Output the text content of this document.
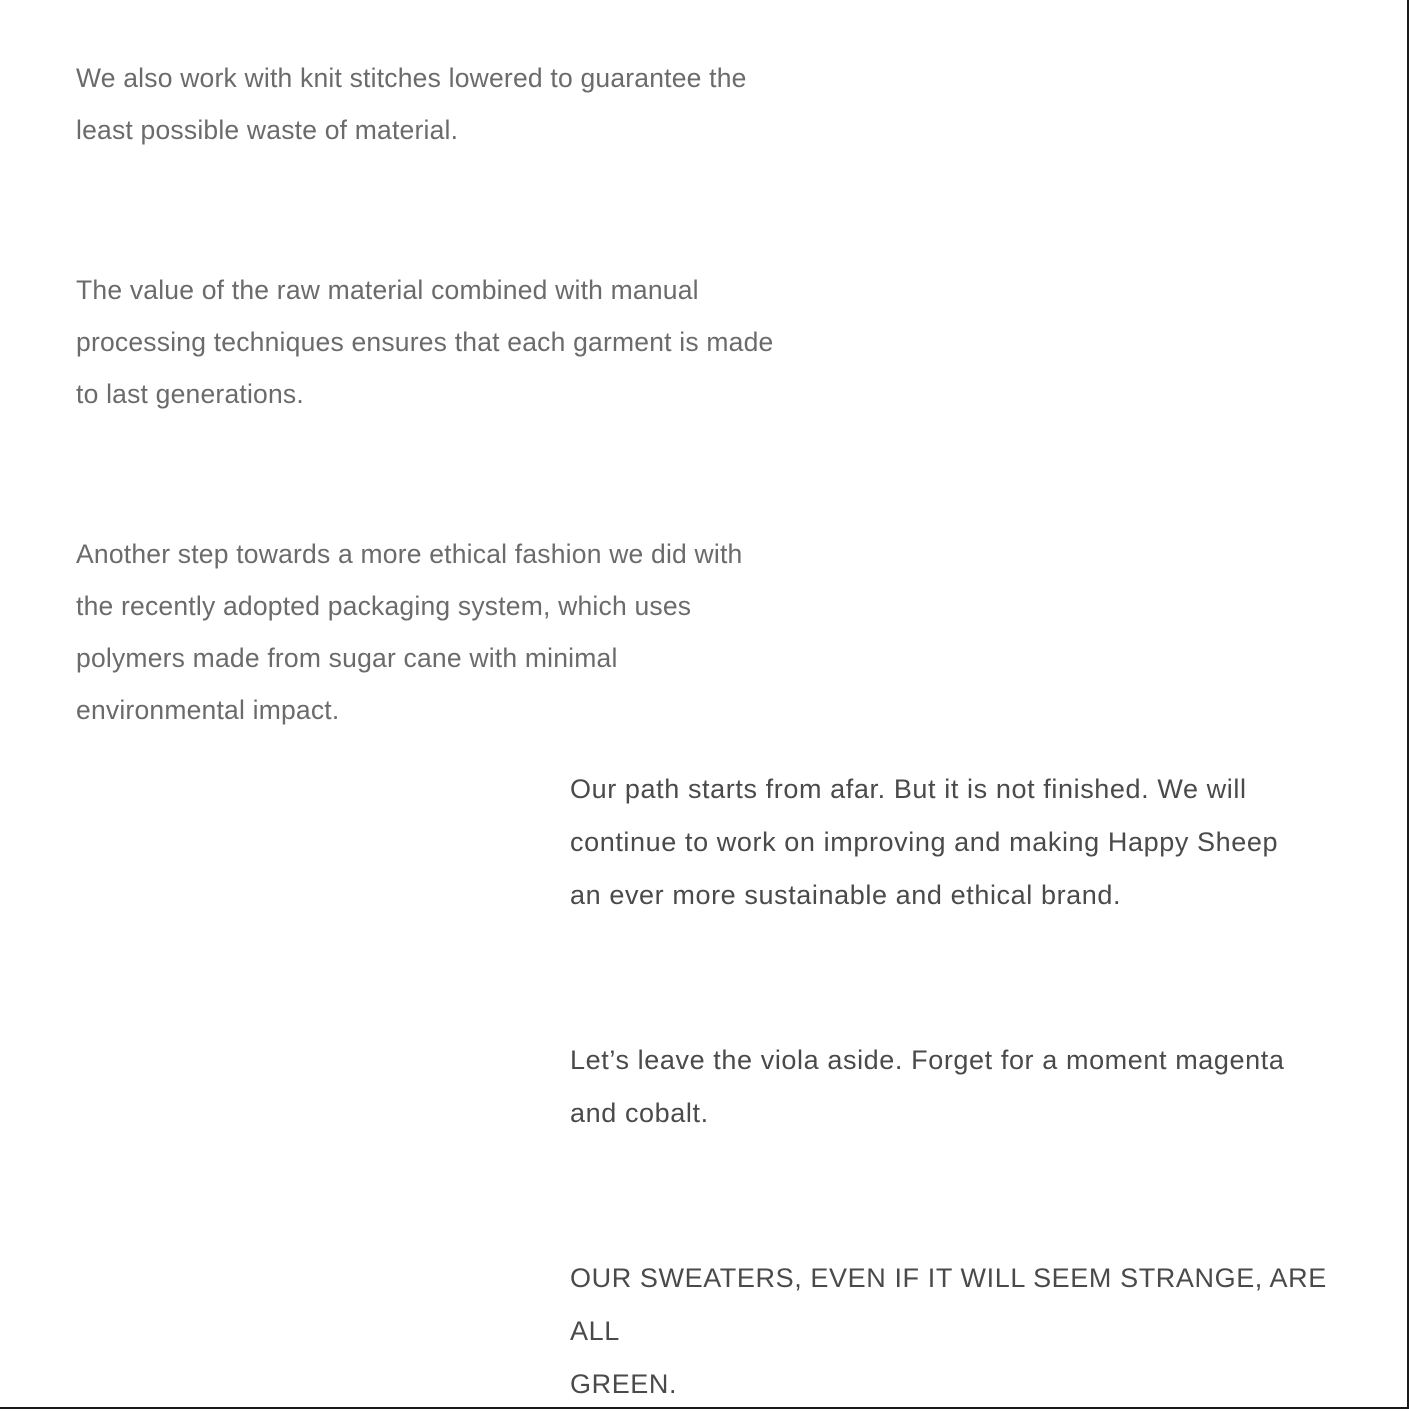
We also work with knit stitches lowered to guarantee the
least possible waste of material.

The value of the raw material combined with manual
processing techniques ensures that each garment is made
to last generations.

Another step towards a more ethical fashion we did with
the recently adopted packaging system, which uses
polymers made from sugar cane with minimal
environmental impact.

Our path starts from afar. But it is not finished. We will
continue to work on improving and making Happy Sheep
an ever more sustainable and ethical brand.

Let’s leave the viola aside. Forget for a moment magenta
and cobalt.

OUR SWEATERS, EVEN IF IT WILL SEEM STRANGE, ARE ALL
GREEN.
